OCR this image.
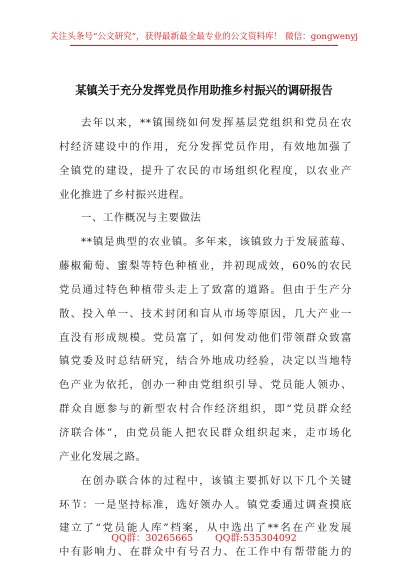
关注头条号“公文研究”，获得最新最全最专业的公文资料库！ 微信：gongwenyj
某镇关于充分发挥党员作用助推乡村振兴的调研报告
去年以来，**镇围绕如何发挥基层党组织和党员在农
村经济建设中的作用，充分发挥党员作用，有效地加强了
全镇党的建设，提升了农民的市场组织化程度，以农业产
业化推进了乡村振兴进程。
一、工作概况与主要做法
**镇是典型的农业镇。多年来，该镇致力于发展蓝莓、
藤椒葡萄、蜜梨等特色种植业，并初现成效，60%的农民
党员通过特色种植带头走上了致富的道路。但由于生产分
散、投入单一、技术封闭和盲从市场等原因，几大产业一
直没有形成规模。党员富了，如何发动他们带领群众致富
镇党委及时总结研究，结合外地成功经验，决定以当地特
色产业为依托，创办一种由党组织引导、党员能人领办、
群众自愿参与的新型农村合作经济组织，即“党员群众经
济联合体”，由党员能人把农民群众组织起来，走市场化
产业化发展之路。
在创办联合体的过程中，该镇主要抓好以下几个关键
环节：一是坚持标准，选好领办人。镇党委通过调查摸底
建立了“党员能人库”档案，从中选出了**名在产业发展
中有影响力、在群众中有号召力、在工作中有帮带能力的
QQ群：30265665 QQ群:535304092
